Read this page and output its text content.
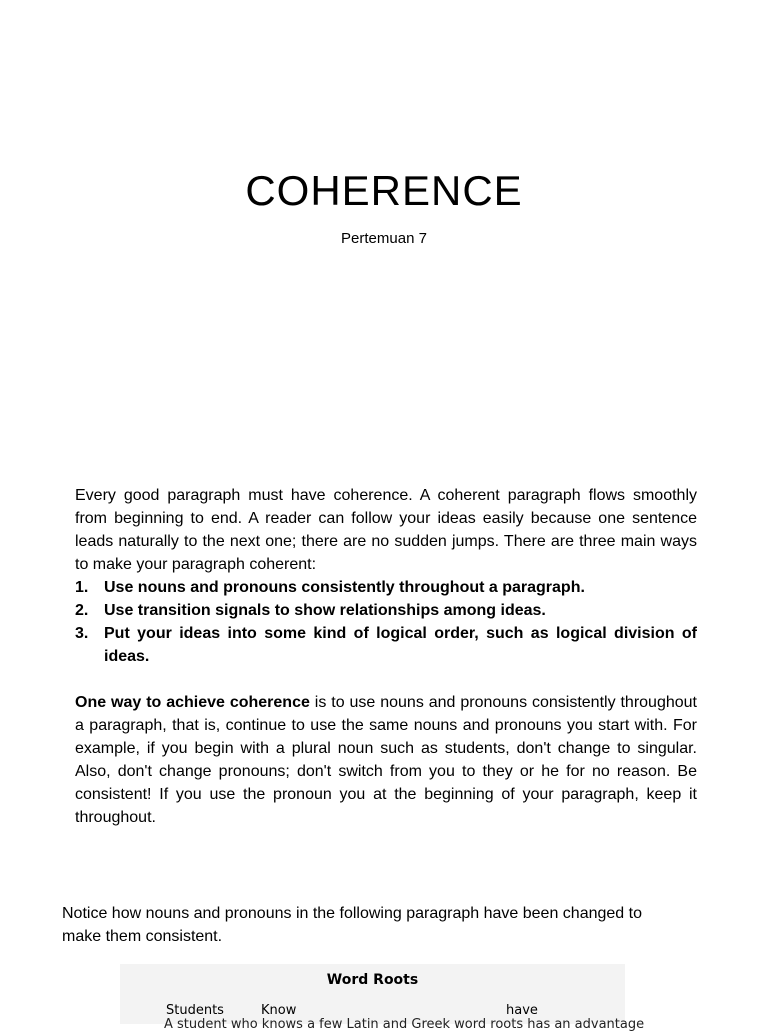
COHERENCE
Pertemuan 7

Every good paragraph must have coherence. A coherent paragraph flows smoothly from beginning to end. A reader can follow your ideas easily because one sentence leads naturally to the next one; there are no sudden jumps. There are three main ways to make your paragraph coherent:

1. Use nouns and pronouns consistently throughout a paragraph.
2. Use transition signals to show relationships among ideas.
3. Put your ideas into some kind of logical order, such as logical division of ideas.

One way to achieve coherence is to use nouns and pronouns consistently throughout a paragraph, that is, continue to use the same nouns and pronouns you start with. For example, if you begin with a plural noun such as students, don't change to singular. Also, don't change pronouns; don't switch from you to they or he for no reason. Be consistent! If you use the pronoun you at the beginning of your paragraph, keep it throughout.

Notice how nouns and pronouns in the following paragraph have been changed to make them consistent.
Word Roots
Students	Know	have
A student who knows a few Latin and Greek word roots has an advantage
